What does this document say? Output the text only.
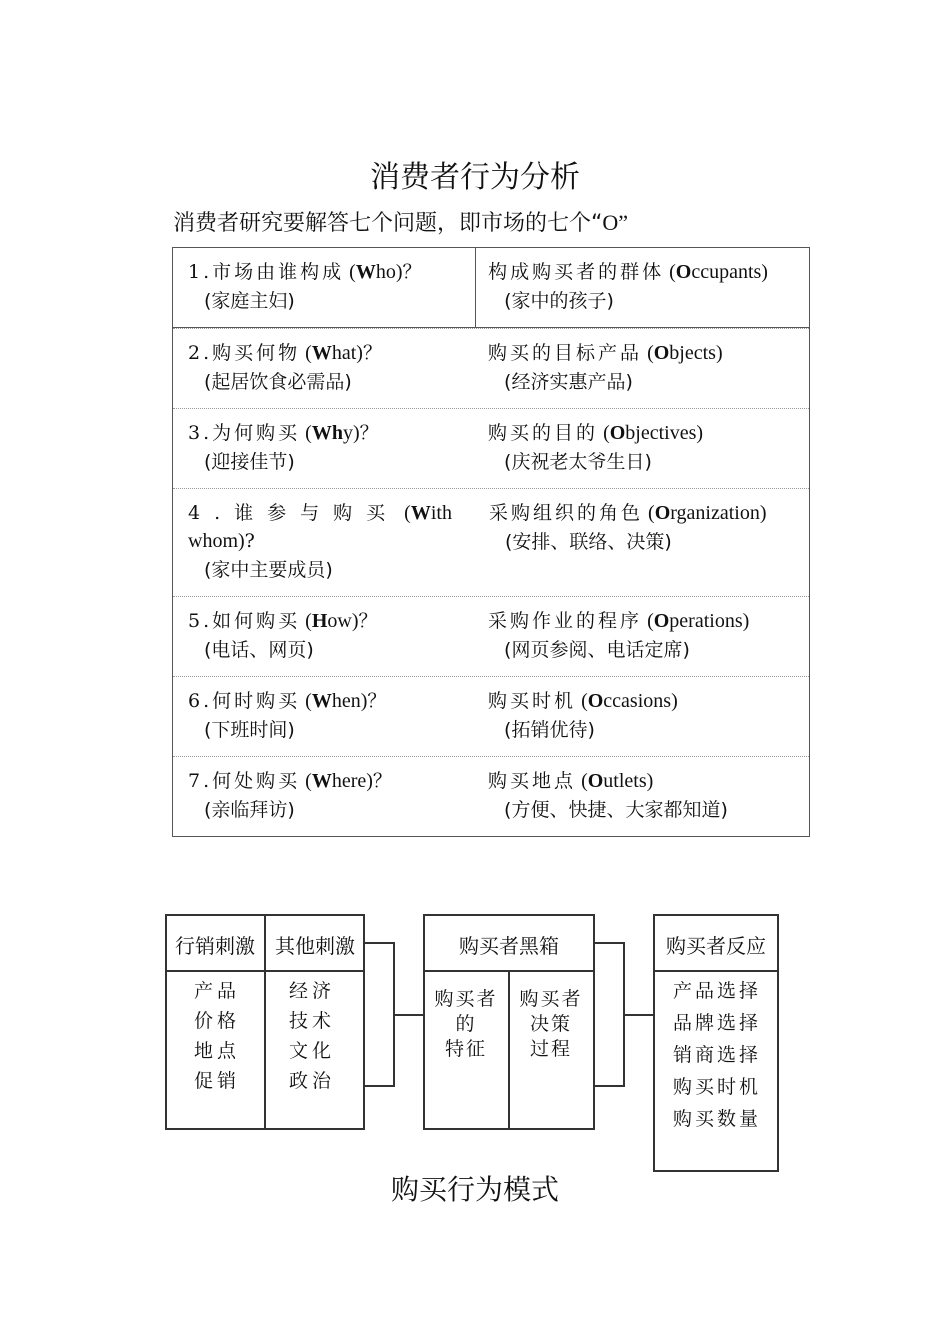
消费者行为分析
消费者研究要解答七个问题，即市场的七个“O”
1.市场由谁构成 (Who)？
(家庭主妇)
构成购买者的群体 (Occupants)
(家中的孩子)
2.购买何物 (What)？
(起居饮食必需品)
购买的目标产品 (Objects)
(经济实惠产品)
3.为何购买 (Why)？
(迎接佳节)
购买的目的 (Objectives)
(庆祝老太爷生日)
4.谁参与购买 (With whom)?
(家中主要成员)
采购组织的角色 (Organization)
(安排、联络、决策)
5.如何购买 (How)？
(电话、网页)
采购作业的程序 (Operations)
(网页参阅、电话定席)
6.何时购买 (When)？
(下班时间)
购买时机 (Occasions)
(拓销优待)
7.何处购买 (Where)？
(亲临拜访)
购买地点 (Outlets)
(方便、快捷、大家都知道)
行销刺激	其他刺激
产品
价格
地点
促销
经济
技术
文化
政治
购买者黑箱
购买者
的
特征
购买者
决策
过程
购买者反应
产品选择
品牌选择
销商选择
购买时机
购买数量
购买行为模式
